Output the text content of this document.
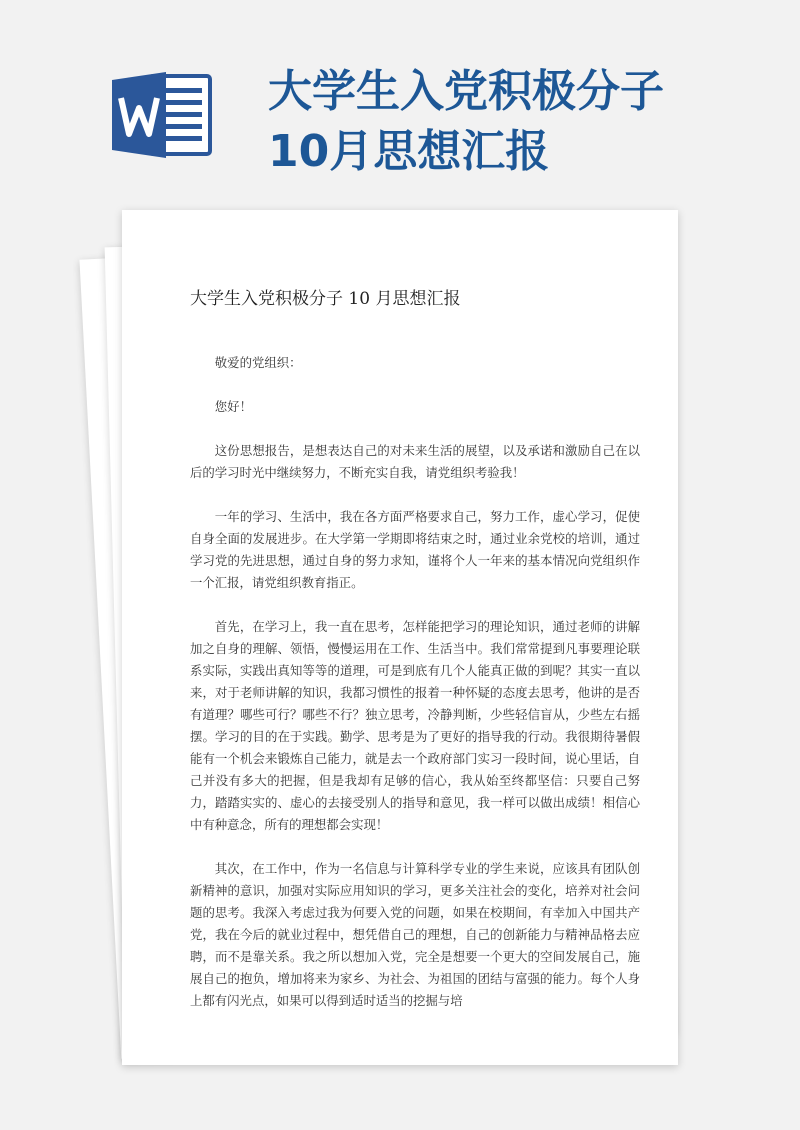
大学生入党积极分子10月思想汇报
大学生入党积极分子 10 月思想汇报

敬爱的党组织：

您好！

这份思想报告，是想表达自己的对未来生活的展望，以及承诺和激励自己在以后的学习时光中继续努力，不断充实自我，请党组织考验我！

一年的学习、生活中，我在各方面严格要求自己，努力工作，虚心学习，促使自身全面的发展进步。在大学第一学期即将结束之时，通过业余党校的培训，通过学习党的先进思想，通过自身的努力求知，谨将个人一年来的基本情况向党组织作一个汇报，请党组织教育指正。

首先，在学习上，我一直在思考，怎样能把学习的理论知识，通过老师的讲解加之自身的理解、领悟，慢慢运用在工作、生活当中。我们常常提到凡事要理论联系实际，实践出真知等等的道理，可是到底有几个人能真正做的到呢？其实一直以来，对于老师讲解的知识，我都习惯性的报着一种怀疑的态度去思考，他讲的是否有道理？哪些可行？哪些不行？独立思考，冷静判断，少些轻信盲从，少些左右摇摆。学习的目的在于实践。勤学、思考是为了更好的指导我的行动。我很期待暑假能有一个机会来锻炼自己能力，就是去一个政府部门实习一段时间，说心里话，自己并没有多大的把握，但是我却有足够的信心，我从始至终都坚信：只要自己努力，踏踏实实的、虚心的去接受别人的指导和意见，我一样可以做出成绩！相信心中有种意念，所有的理想都会实现！

其次，在工作中，作为一名信息与计算科学专业的学生来说，应该具有团队创新精神的意识，加强对实际应用知识的学习，更多关注社会的变化，培养对社会问题的思考。我深入考虑过我为何要入党的问题，如果在校期间，有幸加入中国共产党，我在今后的就业过程中，想凭借自己的理想，自己的创新能力与精神品格去应聘，而不是靠关系。我之所以想加入党，完全是想要一个更大的空间发展自己，施展自己的抱负，增加将来为家乡、为社会、为祖国的团结与富强的能力。每个人身上都有闪光点，如果可以得到适时适当的挖掘与培
